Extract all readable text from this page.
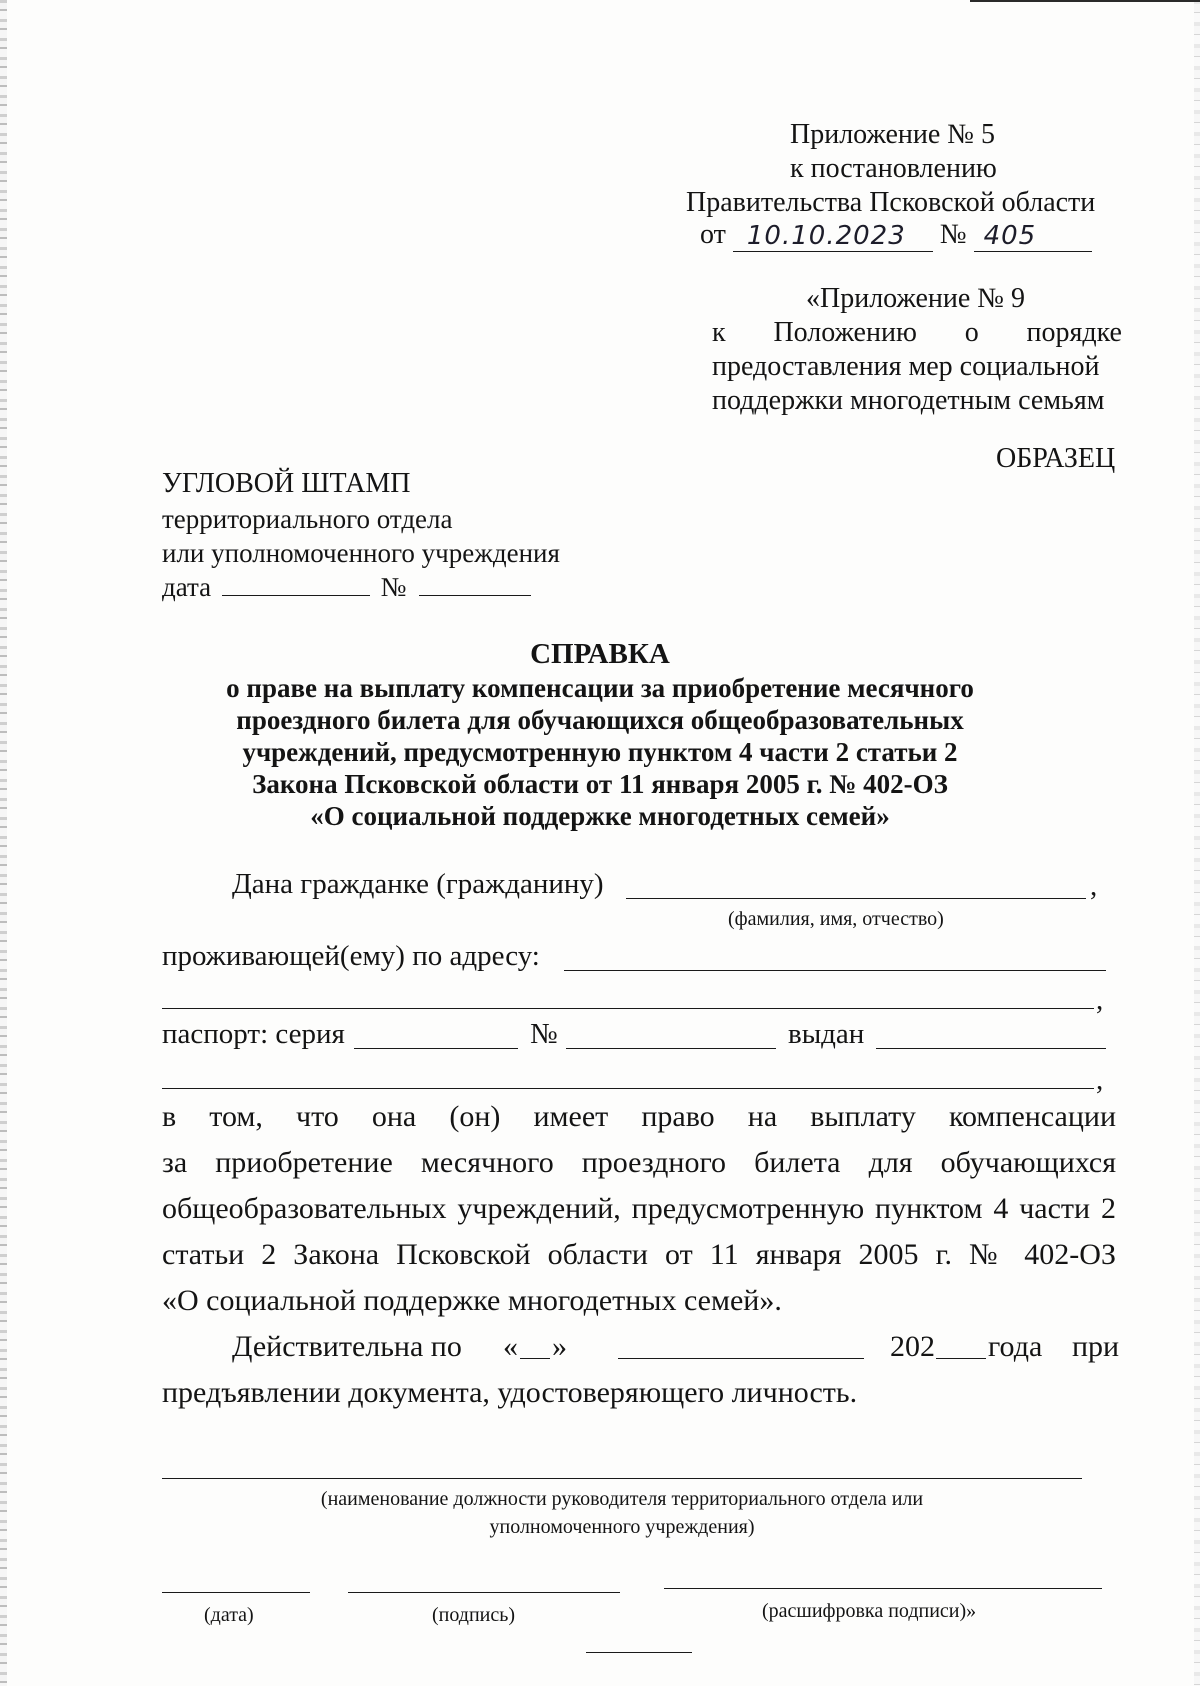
Приложение № 5
к постановлению
Правительства Псковской области
от 10.10.2023 № 405
«Приложение № 9
к Положению о порядке
предоставления мер социальной
поддержки многодетным семьям
ОБРАЗЕЦ
УГЛОВОЙ ШТАМП
территориального отдела
или уполномоченного учреждения
дата	№
СПРАВКА
о праве на выплату компенсации за приобретение месячного
проездного билета для обучающихся общеобразовательных
учреждений, предусмотренную пунктом 4 части 2 статьи 2
Закона Псковской области от 11 января 2005 г. № 402-ОЗ
«О социальной поддержке многодетных семей»
Дана гражданке (гражданину)	,
(фамилия, имя, отчество)
проживающей(ему) по адресу:
,
паспорт: серия	№	выдан
,
в том, что она (он) имеет право на выплату компенсации
за приобретение месячного проездного билета для обучающихся
общеобразовательных учреждений, предусмотренную пунктом 4 части 2
статьи 2 Закона Псковской области от 11 января 2005 г. № 402-ОЗ
«О социальной поддержке многодетных семей».
Действительна по « »	202 года при
предъявлении документа, удостоверяющего личность.
(наименование должности руководителя территориального отдела или
уполномоченного учреждения)
(дата)	(подпись)	(расшифровка подписи)»
